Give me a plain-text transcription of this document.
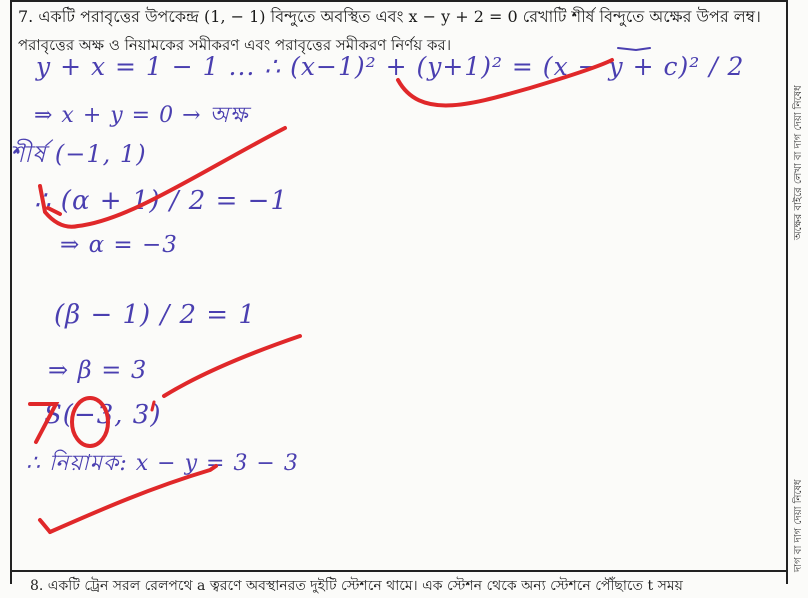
7. একটি পরাবৃত্তের উপকেন্দ্র (1, − 1) বিন্দুতে অবস্থিত এবং x − y + 2 = 0 রেখাটি শীর্ষ বিন্দুতে অক্ষের উপর লম্ব।
পরাবৃত্তের অক্ষ ও নিয়ামকের সমীকরণ এবং পরাবৃত্তের সমীকরণ নির্ণয় কর।
y + x = 1 − 1 ... ∴ (x−1)² + (y+1)² = (x − y + c)² / 2
⇒ x + y = 0 → অক্ষ
শীর্ষ (−1, 1)
∴ (α + 1) / 2 = −1
⇒ α = −3
(β − 1) / 2 = 1
⇒ β = 3
S(−3, 3)
∴ নিয়ামক: x − y = 3 − 3
অক্ষের বাইরে লেখা বা দাগ দেয়া নিষেধ
দাগ বা দাগ দেয়া নিষেধ
8. একটি ট্রেন সরল রেলপথে a ত্বরণে অবস্থানরত দুইটি স্টেশনে থামে। এক স্টেশন থেকে অন্য স্টেশনে পৌঁছাতে t সময়
